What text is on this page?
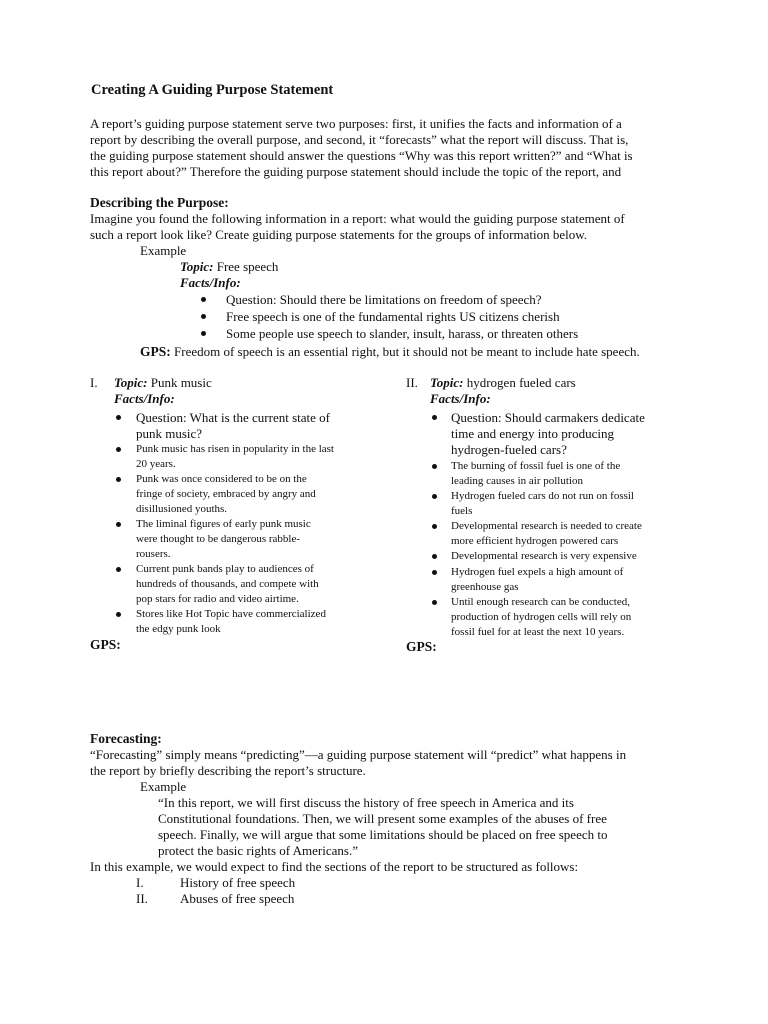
Creating A Guiding Purpose Statement
A report’s guiding purpose statement serve two purposes: first, it unifies the facts and information of a
report by describing the overall purpose, and second, it “forecasts” what the report will discuss. That is,
the guiding purpose statement should answer the questions “Why was this report written?” and “What is
this report about?” Therefore the guiding purpose statement should include the topic of the report, and
Describing the Purpose:
Imagine you found the following information in a report: what would the guiding purpose statement of
such a report look like? Create guiding purpose statements for the groups of information below.
Example
Topic: Free speech
Facts/Info:
Question: Should there be limitations on freedom of speech?
Free speech is one of the fundamental rights US citizens cherish
Some people use speech to slander, insult, harass, or threaten others
GPS: Freedom of speech is an essential right, but it should not be meant to include hate speech.
I. Topic: Punk music
Facts/Info:
Question: What is the current state of
punk music?
Punk music has risen in popularity in the last
20 years.
Punk was once considered to be on the
fringe of society, embraced by angry and
disillusioned youths.
The liminal figures of early punk music
were thought to be dangerous rabble-
rousers.
Current punk bands play to audiences of
hundreds of thousands, and compete with
pop stars for radio and video airtime.
Stores like Hot Topic have commercialized
the edgy punk look
GPS:
II. Topic: hydrogen fueled cars
Facts/Info:
Question: Should carmakers dedicate
time and energy into producing
hydrogen-fueled cars?
The burning of fossil fuel is one of the
leading causes in air pollution
Hydrogen fueled cars do not run on fossil
fuels
Developmental research is needed to create
more efficient hydrogen powered cars
Developmental research is very expensive
Hydrogen fuel expels a high amount of
greenhouse gas
Until enough research can be conducted,
production of hydrogen cells will rely on
fossil fuel for at least the next 10 years.
GPS:
Forecasting:
“Forecasting” simply means “predicting”—a guiding purpose statement will “predict” what happens in
the report by briefly describing the report’s structure.
Example
“In this report, we will first discuss the history of free speech in America and its
Constitutional foundations. Then, we will present some examples of the abuses of free
speech. Finally, we will argue that some limitations should be placed on free speech to
protect the basic rights of Americans.”
In this example, we would expect to find the sections of the report to be structured as follows:
I.	History of free speech
II. Abuses of free speech
